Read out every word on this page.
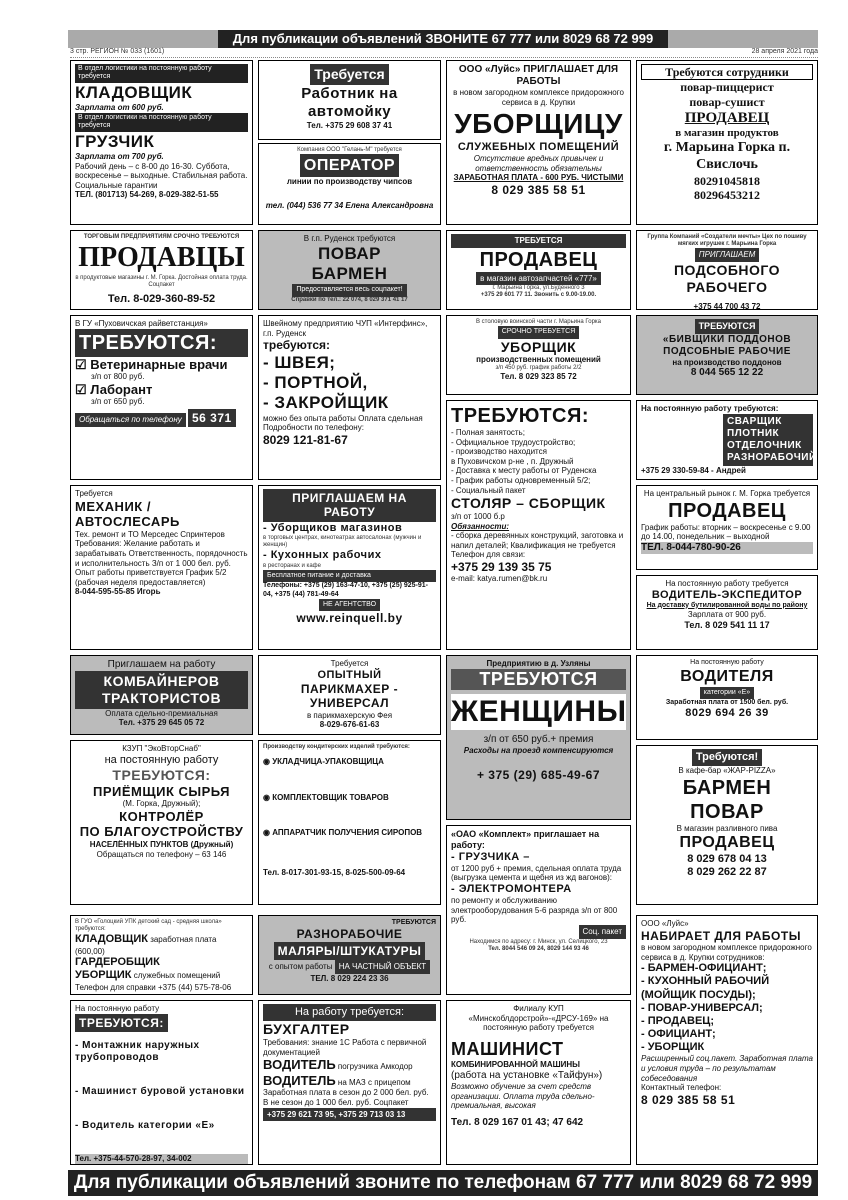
Для публикации объявлений ЗВОНИТЕ 67 777 или 8029 68 72 999
3 стр. РЕГИОН № 033 (1601)	28 апреля 2021 года
В отдел логистики на постоянную работу требуется
КЛАДОВЩИК
Зарплата от 600 руб.
В отдел логистики на постоянную работу требуется
ГРУЗЧИК
Зарплата от 700 руб.
Рабочий день – с 8-00 до 16-30. Суббота, воскресенье – выходные. Стабильная работа. Социальные гарантии
ТЕЛ. (801713) 54-269, 8-029-382-51-55
Требуется
Работник на автомойку
Тел. +375 29 608 37 41
Компания ООО "Гелань-М" требуется
ОПЕРАТОР
линии по производству чипсов
тел. (044) 536 77 34 Елена Александровна
ООО «Луйс» ПРИГЛАШАЕТ ДЛЯ РАБОТЫ
в новом загородном комплексе придорожного сервиса в д. Крупки
УБОРЩИЦУ
СЛУЖЕБНЫХ ПОМЕЩЕНИЙ
Отсутствие вредных привычек и ответственность обязательны
ЗАРАБОТНАЯ ПЛАТА - 600 РУБ. ЧИСТЫМИ
8 029 385 58 51
Требуются сотрудники
повар-пиццерист
повар-сушист
ПРОДАВЕЦ
в магазин продуктов
г. Марьина Горка п. Свислочь
80291045818
80296453212
ТОРГОВЫМ ПРЕДПРИЯТИЯМ СРОЧНО ТРЕБУЮТСЯ
ПРОДАВЦЫ
в продуктовые магазины г. М. Горка. Достойная оплата труда. Соцпакет
Тел. 8-029-360-89-52
В г.п. Руденск требуются
ПОВАР
БАРМЕН
Предоставляется весь соцпакет!
Справки по тел.: 22 074, 8 029 371 41 17
ТРЕБУЕТСЯ
ПРОДАВЕЦ
в магазин автозапчастей «777»
г. Марьина Горка, ул.Буденного 3
+375 29 601 77 11. Звонить с 9.00-19.00.
Группа Компаний «Создатели мечты» Цех по пошиву мягких игрушек г. Марьина Горка
ПРИГЛАШАЕМ
ПОДСОБНОГО РАБОЧЕГО
+375 44 700 43 72
В ГУ «Пуховичская райветстанция»
ТРЕБУЮТСЯ:
☑ Ветеринарные врачи
з/п от 800 руб.
☑ Лаборант
з/п от 650 руб.
Обращаться по телефону 56 371
Швейному предприятию ЧУП «Интерфинс», г.п. Руденск
требуются:
- ШВЕЯ;
- ПОРТНОЙ,
- ЗАКРОЙЩИК
можно без опыта работы Оплата сдельная Подробности по телефону:
8029 121-81-67
В столовую воинской части г. Марьина Горка
СРОЧНО ТРЕБУЕТСЯ
УБОРЩИК
производственных помещений
з/п 450 руб. график работы 2/2
Тел. 8 029 323 85 72
ТРЕБУЮТСЯ
«БИВЩИКИ ПОДДОНОВ
ПОДСОБНЫЕ РАБОЧИЕ
на производство поддонов
8 044 565 12 22
ТРЕБУЮТСЯ:
- Полная занятость;
- Официальное трудоустройство;
- производство находится
в Пуховичском р-не , п. Дружный
- Доставка к месту работы от Руденска
- График работы одновременный 5/2;
- Социальный пакет
СТОЛЯР – СБОРЩИК
з/п от 1000 б.р
Обязанности:
- сборка деревянных конструкций, заготовка и напил деталей; Квалификация не требуется
Телефон для связи:
+375 29 139 35 75
e-mail: katya.rumen@bk.ru
На постоянную работу требуются:
СВАРЩИК ПЛОТНИК ОТДЕЛОЧНИК РАЗНОРАБОЧИЙ
+375 29 330-59-84 - Андрей
Требуется
МЕХАНИК / АВТОСЛЕСАРЬ
Тех. ремонт и ТО Мерседес Спринтеров Требования: Желание работать и зарабатывать Ответственность, порядочность и исполнительность З/п от 1 000 бел. руб. Опыт работы приветствуется График 5/2 (рабочая неделя предоставляется)
8-044-595-55-85 Игорь
ПРИГЛАШАЕМ НА РАБОТУ
- Уборщиков магазинов
в торговых центрах, кинотеатрах автосалонах (мужчин и женщин)
- Кухонных рабочих
в ресторанах и кафе
Бесплатное питание и доставка
Телефоны: +375 (29) 163-47-10, +375 (25) 925-91-04, +375 (44) 781-49-64
НЕ АГЕНТСТВО
www.reinquell.by
На центральный рынок г. М. Горка требуется
ПРОДАВЕЦ
График работы: вторник – воскресенье с 9.00 до 14.00, понедельник – выходной
ТЕЛ. 8-044-780-90-26
На постоянную работу требуется
ВОДИТЕЛЬ-ЭКСПЕДИТОР
На доставку бутилированной воды по району
Зарплата от 900 руб.
Тел. 8 029 541 11 17
Приглашаем на работу
КОМБАЙНЕРОВ ТРАКТОРИСТОВ
Оплата сдельно-премиальная
Тел. +375 29 645 05 72
Требуется
ОПЫТНЫЙ
ПАРИКМАХЕР - УНИВЕРСАЛ
в парикмахерскую Фея
8-029-676-61-63
Предприятию в д. Узляны
ТРЕБУЮТСЯ
ЖЕНЩИНЫ
з/п от 650 руб.+ премия
Расходы на проезд компенсируются
+ 375 (29) 685-49-67
На постоянную работу
ВОДИТЕЛЯ
категории «Е»
Заработная плата от 1500 бел. руб.
8029 694 26 39
КЗУП "ЭкоВторСнаб"
на постоянную работу
ТРЕБУЮТСЯ:
ПРИЁМЩИК СЫРЬЯ
(М. Горка, Дружный);
КОНТРОЛЁР
ПО БЛАГОУСТРОЙСТВУ
НАСЕЛЁННЫХ ПУНКТОВ (Дружный)
Обращаться по телефону – 63 146
Производству кондитерских изделий требуются:
◉ УКЛАДЧИЦА-УПАКОВЩИЦА
◉ КОМПЛЕКТОВЩИК ТОВАРОВ
◉ АППАРАТЧИК ПОЛУЧЕНИЯ СИРОПОВ
Тел. 8-017-301-93-15, 8-025-500-09-64
«ОАО «Комплект» приглашает на работу:
- ГРУЗЧИКА –
от 1200 руб + премия, сдельная оплата труда (выгрузка цемента и щебня из жд вагонов):
- ЭЛЕКТРОМОНТЕРА
по ремонту и обслуживанию электрооборудования 5-6 разряда з/п от 800 руб.
Соц. пакет
Находимся по адресу: г. Минск, ул. Селицкого, 23
Тел. 8044 546 09 24, 8029 144 93 46
Требуются!
В кафе-бар «ЖАР-PIZZA»
БАРМЕН
ПОВАР
В магазин разливного пива
ПРОДАВЕЦ
8 029 678 04 13
8 029 262 22 87
В ГУО «Голоцкий УПК детский сад - средняя школа» требуются:
КЛАДОВЩИК заработная плата (600,00)
ГАРДЕРОБЩИК
УБОРЩИК служебных помещений
Телефон для справки +375 (44) 575-78-06
ТРЕБУЮТСЯ
РАЗНОРАБОЧИЕ
МАЛЯРЫ/ШТУКАТУРЫ
с опытом работы НА ЧАСТНЫЙ ОБЪЕКТ
ТЕЛ. 8 029 224 23 36
ООО «Луйс»
НАБИРАЕТ ДЛЯ РАБОТЫ
в новом загородном комплексе придорожного сервиса в д. Крупки сотрудников:
- БАРМЕН-ОФИЦИАНТ;
- КУХОННЫЙ РАБОЧИЙ (МОЙЩИК ПОСУДЫ);
- ПОВАР-УНИВЕРСАЛ;
- ПРОДАВЕЦ;
- ОФИЦИАНТ;
- УБОРЩИК
Расширенный соц.пакет. Заработная плата и условия труда – по результатам собеседования
Контактный телефон:
8 029 385 58 51
На постоянную работу ТРЕБУЮТСЯ:
- Монтажник наружных трубопроводов
- Машинист буровой установки
- Водитель категории «Е»
Тел. +375-44-570-28-97, 34-002
На работу требуется:
БУХГАЛТЕР
Требования: знание 1С Работа с первичной документацией
ВОДИТЕЛЬ погрузчика Амкодор
ВОДИТЕЛЬ на МАЗ с прицепом
Заработная плата в сезон до 2 000 бел. руб. В не сезон до 1 000 бел. руб. Соцпакет
+375 29 621 73 95, +375 29 713 03 13
Филиалу КУП «Минскоблдорстрой»-«ДРСУ-169» на постоянную работу требуется
МАШИНИСТ
КОМБИНИРОВАННОЙ МАШИНЫ
(работа на установке «Тайфун»)
Возможно обучение за счет средств организации. Оплата труда сдельно-премиальная, высокая
Тел. 8 029 167 01 43; 47 642
Для публикации объявлений звоните по телефонам 67 777 или 8029 68 72 999
